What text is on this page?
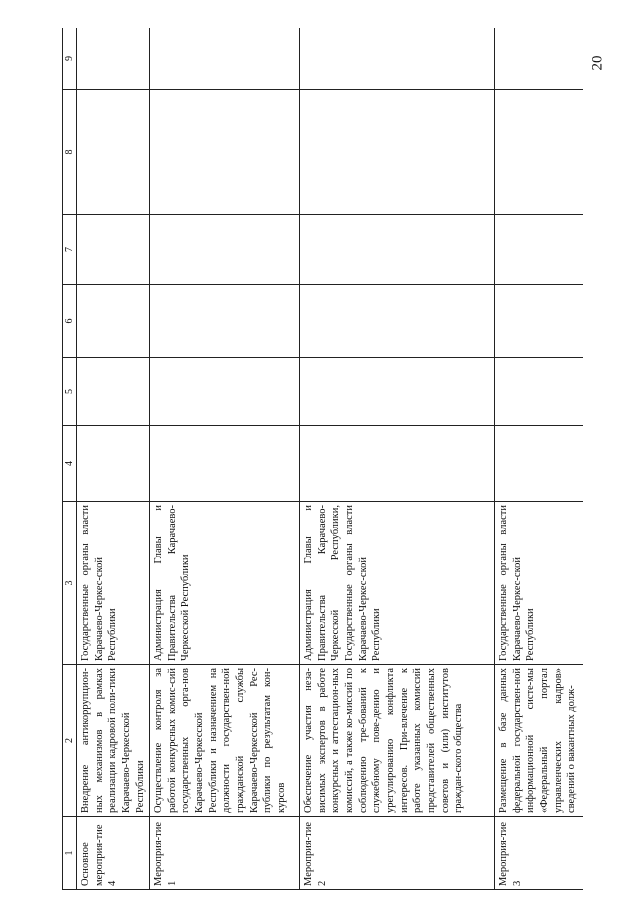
20
1	2	3	4	5	6	7	8	9
Основное мероприя-тие 4	Внедрение антикоррупцион-ных механизмов в рамках реализации кадровой поли-тики Карачаево-Черкесской Республики	Государственные органы власти Карачаево-Черкес-ской Республики						
Мероприя-тие 1	Осуществление контроля за работой конкурсных комис-сий государственных орга-нов Карачаево-Черкесской Республики и назначением на должности государствен-ной гражданской службы Карачаево-Черкесской Рес-публики по результатам кон-курсов	Администрация Главы и Правительства Карачаево-Черкесской Республики						
Мероприя-тие 2	Обеспечение участия неза-висимых экспертов в работе конкурсных и аттестацион-ных комиссий, а также ко-миссий по соблюдению тре-бований к служебному пове-дению и урегулированию конфликта интересов. При-влечение к работе указанных комиссий представителей общественных советов и (или) институтов граждан-ского общества	Администрация Главы и Правительства Карачаево-Черкесской Республики, Государственные органы власти Карачаево-Черкес-ской Республики						
Мероприя-тие 3	Размещение в базе данных федеральной государствен-ной информационной систе-мы «Федеральный портал управленческих кадров» сведений о вакантных долж-	Государственные органы власти Карачаево-Черкес-ской Республики						
